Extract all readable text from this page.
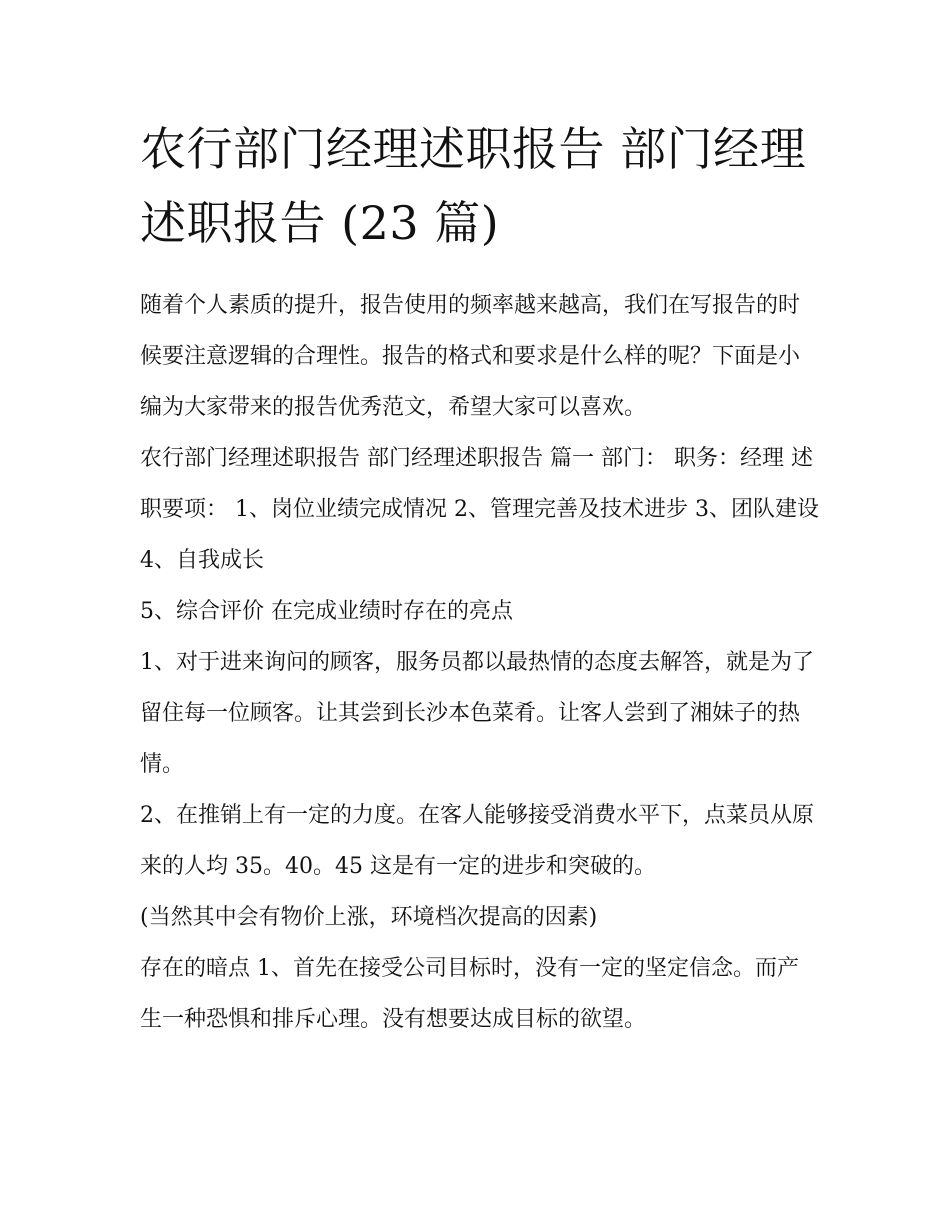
农行部门经理述职报告 部门经理述职报告 (23 篇)

随着个人素质的提升，报告使用的频率越来越高，我们在写报告的时候要注意逻辑的合理性。报告的格式和要求是什么样的呢？下面是小编为大家带来的报告优秀范文，希望大家可以喜欢。

农行部门经理述职报告 部门经理述职报告 篇一 部门： 职务：经理 述职要项： 1、岗位业绩完成情况 2、管理完善及技术进步 3、团队建设 4、自我成长

5、综合评价 在完成业绩时存在的亮点

1、对于进来询问的顾客，服务员都以最热情的态度去解答，就是为了留住每一位顾客。让其尝到长沙本色菜肴。让客人尝到了湘妹子的热情。

2、在推销上有一定的力度。在客人能够接受消费水平下，点菜员从原来的人均 35。40。45 这是有一定的进步和突破的。

(当然其中会有物价上涨，环境档次提高的因素)

存在的暗点 1、首先在接受公司目标时，没有一定的坚定信念。而产生一种恐惧和排斥心理。没有想要达成目标的欲望。
